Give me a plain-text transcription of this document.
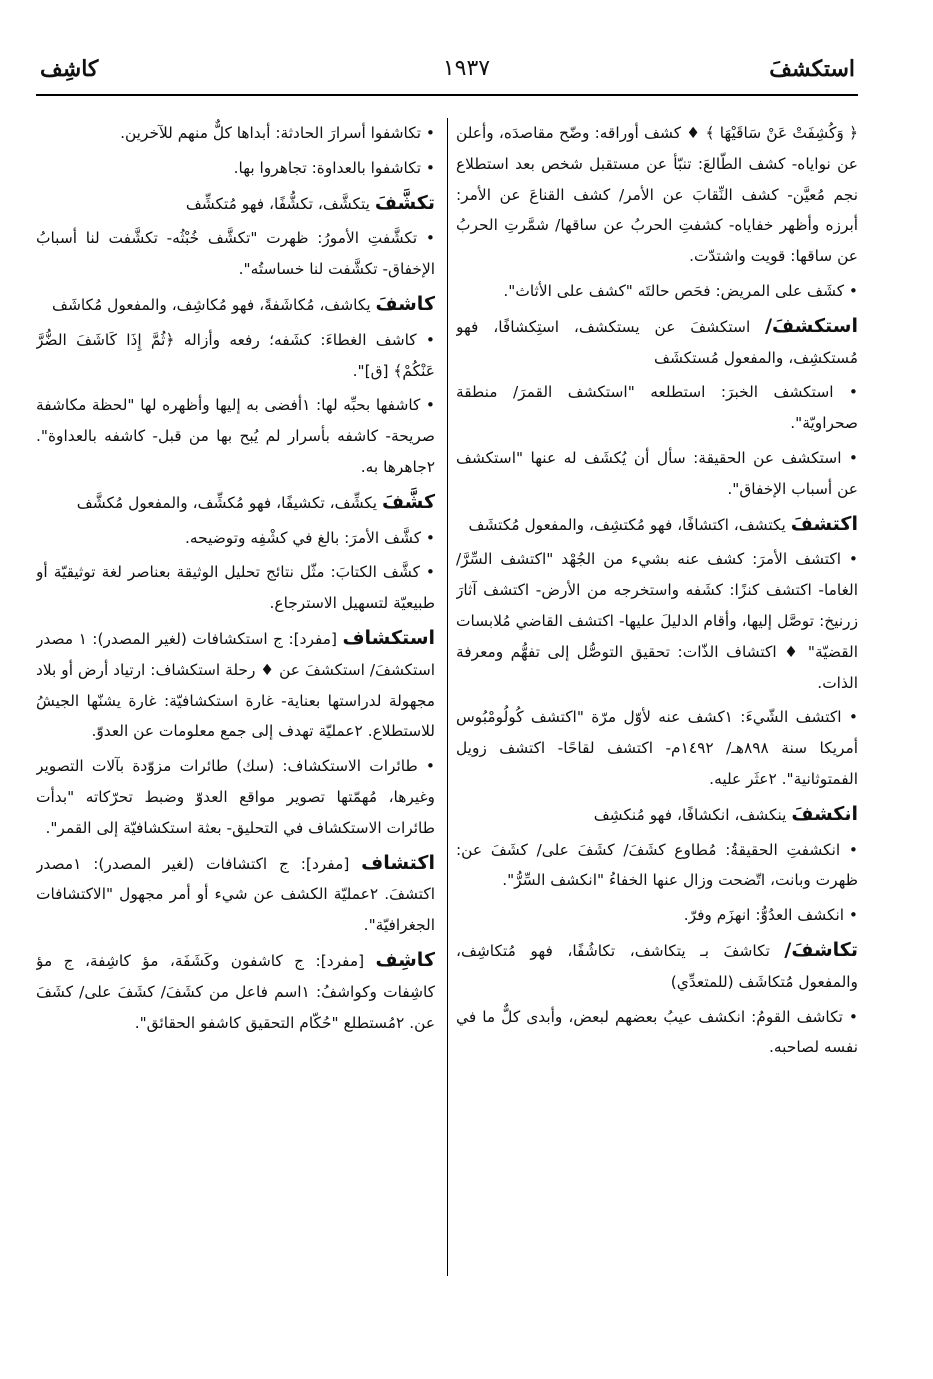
كاشِف	١٩٣٧	استكشفَ

﴿ وَكُشِفَتْ عَنْ سَاقَيْهَا ﴾ ♦ كشف أوراقه: وضّح مقاصدَه، وأعلن عن نواياه- كشف الطّالعَ: تنبّأ عن مستقبل شخص بعد استطلاع نجم مُعيَّن- كشف النِّقابَ عن الأمر/ كشف القناعَ عن الأمر: أبرزه وأظهر خفاياه- كشفتِ الحربُ عن ساقها/ شمَّرتِ الحربُ عن ساقها: قويت واشتدّت.

• كشَف على المريض: فحَص حالتَه "كشف على الأثاث".

استكشفَ/ استكشفَ عن يستكشف، استِكشافًا، فهو مُستكشِف، والمفعول مُستكشَف

• استكشف الخبرَ: استطلعه "استكشف القمرَ/ منطقة صحراويّة".

• استكشف عن الحقيقة: سأل أن يُكشَف له عنها "استكشف عن أسباب الإخفاق".

اكتشفَ يكتشف، اكتشافًا، فهو مُكتشِف، والمفعول مُكتشَف

• اكتشف الأمرَ: كشف عنه بشيء من الجُهْد "اكتشف السِّرَّ/ الغاما- اكتشف كنزًا: كشَفه واستخرجه من الأرض- اكتشف آثارَ زرنيخ: توصَّل إليها، وأقام الدليلَ عليها- اكتشف القاضي مُلابسات القضيّة" ♦ اكتشاف الذّات: تحقيق التوصُّل إلى تفهُّم ومعرفة الذات.

• اكتشف الشّيءَ: ١كشف عنه لأوّل مرّة "اكتشف كُولُومْبُوس أمريكا سنة ٨٩٨هـ/ ١٤٩٢م- اكتشف لقاحًا- اكتشف زويل الفمتوثانية". ٢عثَر عليه.

انكشفَ ينكشف، انكشافًا، فهو مُنكشِف

• انكشفتِ الحقيقةُ: مُطاوع كشَفَ/ كشَفَ على/ كشَفَ عن: ظهرت وبانت، اتّضحت وزال عنها الخفاءُ "انكشف السِّرُّ".

• انكشف العدُوُّ: انهزَم وفرّ.

تكاشفَ/ تكاشفَ بـ يتكاشف، تكاشُفًا، فهو مُتكاشِف، والمفعول مُتكاشَف (للمتعدِّي)

• تكاشف القومُ: انكشف عيبُ بعضهم لبعض، وأبدى كلٌّ ما في نفسه لصاحبه.

• تكاشفوا أسرارَ الحادثة: أبداها كلٌّ منهم للآخرين.

• تكاشفوا بالعداوة: تجاهروا بها.

تكشَّفَ يتكشَّف، تكشُّفًا، فهو مُتكشِّف

• تكشَّفتِ الأمورُ: ظهرت "تكشَّف خُبْثُه- تكشَّفت لنا أسبابُ الإخفاق- تكشَّفت لنا خساستُه".

كاشفَ يكاشف، مُكاشَفةً، فهو مُكاشِف، والمفعول مُكاشَف

• كاشف الغطاءَ: كشَفه؛ رفعه وأزاله ﴿ثُمَّ إِذَا كَاشَفَ الضُّرَّ عَنْكُمْ﴾ [ق]".

• كاشفها بحبِّه لها: ١أفضى به إليها وأظهره لها "لحظة مكاشفة صريحة- كاشفه بأسرار لم يُبح بها من قبل- كاشفه بالعداوة". ٢جاهرها به.

كشَّفَ يكشِّف، تكشيفًا، فهو مُكشِّف، والمفعول مُكشَّف

• كشَّف الأمرَ: بالغ في كشْفِه وتوضيحه.

• كشَّف الكتابَ: مثّل نتائج تحليل الوثيقة بعناصر لغة توثيقيّة أو طبيعيّة لتسهيل الاسترجاع.

استكشاف [مفرد]: ج استكشافات (لغير المصدر): ١ مصدر استكشفَ/ استكشفَ عن ♦ رحلة استكشاف: ارتياد أرض أو بلاد مجهولة لدراستها بعناية- غارة استكشافيّة: غارة يشنّها الجيشُ للاستطلاع. ٢عمليّة تهدف إلى جمع معلومات عن العدوّ.

• طائرات الاستكشاف: (سك) طائرات مزوّدة بآلات التصوير وغيرها، مُهمّتها تصوير مواقع العدوّ وضبط تحرّكاته "بدأت طائرات الاستكشاف في التحليق- بعثة استكشافيّة إلى القمر".

اكتشاف [مفرد]: ج اكتشافات (لغير المصدر): ١مصدر اكتشفَ. ٢عمليّة الكشف عن شيء أو أمر مجهول "الاكتشافات الجغرافيّة".

كاشِف [مفرد]: ج كاشفون وكَشَفَة، مؤ كاشِفة، ج مؤ كاشِفات وكواشفُ: ١اسم فاعل من كشَفَ/ كشَفَ على/ كشَفَ عن. ٢مُستطلع "حُكّام التحقيق كاشفو الحقائق".
